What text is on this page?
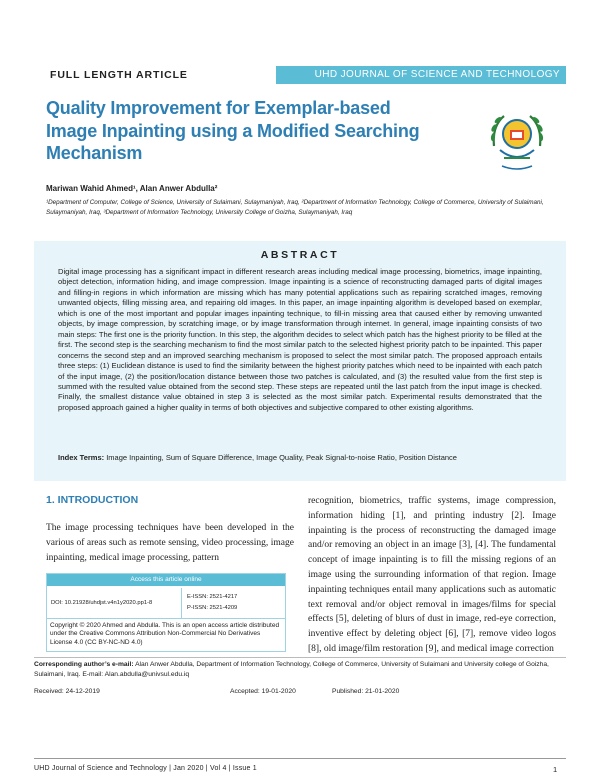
FULL LENGTH ARTICLE	UHD JOURNAL OF SCIENCE AND TECHNOLOGY
Quality Improvement for Exemplar-based
Image Inpainting using a Modified Searching
Mechanism
Mariwan Wahid Ahmed¹, Alan Anwer Abdulla²
¹Department of Computer, College of Science, University of Sulaimani, Sulaymaniyah, Iraq, ²Department of Information Technology, College of Commerce, University of Sulaimani, Sulaymaniyah, Iraq, ³Department of Information Technology, University College of Goizha, Sulaymaniyah, Iraq
ABSTRACT
Digital image processing has a significant impact in different research areas including medical image processing, biometrics, image inpainting, object detection, information hiding, and image compression. Image inpainting is a science of reconstructing damaged parts of digital images and filling-in regions in which information are missing which has many potential applications such as repairing scratched images, removing unwanted objects, filling missing area, and repairing old images. In this paper, an image inpainting algorithm is developed based on exemplar, which is one of the most important and popular images inpainting technique, to fill-in missing area that caused either by removing unwanted objects, by image compression, by scratching image, or by image transformation through internet. In general, image inpainting consists of two main steps: The first one is the priority function. In this step, the algorithm decides to select which patch has the highest priority to be filled at the first. The second step is the searching mechanism to find the most similar patch to the selected highest priority patch to be inpainted. This paper concerns the second step and an improved searching mechanism is proposed to select the most similar patch. The proposed approach entails three steps: (1) Euclidean distance is used to find the similarity between the highest priority patches which need to be inpainted with each patch of the input image, (2) the position/location distance between those two patches is calculated, and (3) the resulted value from the first step is summed with the resulted value obtained from the second step. These steps are repeated until the last patch from the input image is checked. Finally, the smallest distance value obtained in step 3 is selected as the most similar patch. Experimental results demonstrated that the proposed approach gained a higher quality in terms of both objectives and subjective compared to other existing algorithms.
Index Terms: Image Inpainting, Sum of Square Difference, Image Quality, Peak Signal-to-noise Ratio, Position Distance
1. INTRODUCTION
The image processing techniques have been developed in the various of areas such as remote sensing, video processing, image inpainting, medical image processing, pattern
Access this article online
DOI: 10.21928/uhdjst.v4n1y2020.pp1-8
E-ISSN: 2521-4217
P-ISSN: 2521-4209
Copyright © 2020 Ahmed and Abdulla. This is an open access article distributed under the Creative Commons Attribution Non-Commercial No Derivatives License 4.0 (CC BY-NC-ND 4.0)
recognition, biometrics, traffic systems, image compression, information hiding [1], and printing industry [2]. Image inpainting is the process of reconstructing the damaged image and/or removing an object in an image [3], [4]. The fundamental concept of image inpainting is to fill the missing regions of an image using the surrounding information of that region. Image inpainting techniques entail many applications such as automatic text removal and/or object removal in images/films for special effects [5], deleting of blurs of dust in image, red-eye correction, inventive effect by deleting object [6], [7], remove video logos [8], old image/film restoration [9], and medical image correction
Corresponding author’s e-mail: Alan Anwer Abdulla, Department of Information Technology, College of Commerce, University of Sulaimani and University college of Goizha, Sulaimani, Iraq. E-mail: Alan.abdulla@univsul.edu.iq
Received: 24-12-2019	Accepted: 19-01-2020	Published: 21-01-2020
UHD Journal of Science and Technology | Jan 2020 | Vol 4 | Issue 1	1
